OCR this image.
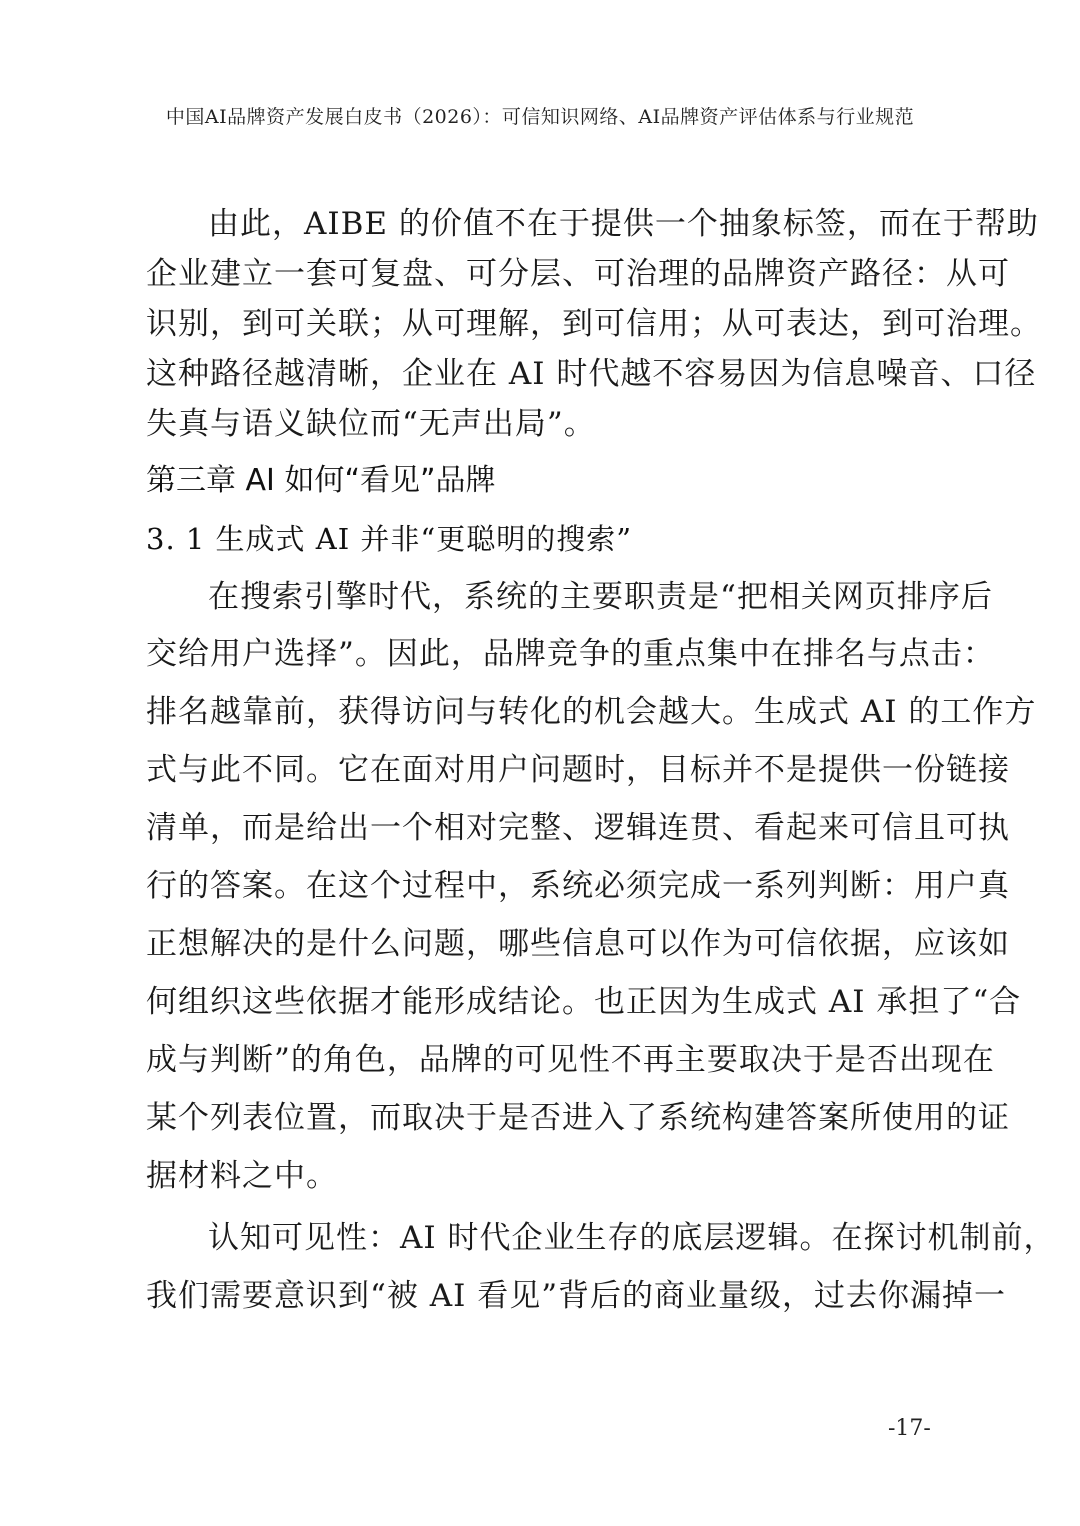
中国AI品牌资产发展白皮书（2026）：可信知识网络、AI品牌资产评估体系与行业规范
由此，AIBE 的价值不在于提供一个抽象标签，而在于帮助
企业建立一套可复盘、可分层、可治理的品牌资产路径：从可
识别，到可关联；从可理解，到可信用；从可表达，到可治理。
这种路径越清晰，企业在 AI 时代越不容易因为信息噪音、口径
失真与语义缺位而“无声出局”。
第三章 AI 如何“看见”品牌
3. 1 生成式 AI 并非“更聪明的搜索”
在搜索引擎时代，系统的主要职责是“把相关网页排序后
交给用户选择”。因此，品牌竞争的重点集中在排名与点击：
排名越靠前，获得访问与转化的机会越大。生成式 AI 的工作方
式与此不同。它在面对用户问题时，目标并不是提供一份链接
清单，而是给出一个相对完整、逻辑连贯、看起来可信且可执
行的答案。在这个过程中，系统必须完成一系列判断：用户真
正想解决的是什么问题，哪些信息可以作为可信依据，应该如
何组织这些依据才能形成结论。也正因为生成式 AI 承担了“合
成与判断”的角色，品牌的可见性不再主要取决于是否出现在
某个列表位置，而取决于是否进入了系统构建答案所使用的证
据材料之中。
认知可见性：AI 时代企业生存的底层逻辑。在探讨机制前，
我们需要意识到“被 AI 看见”背后的商业量级，过去你漏掉一
-17-
